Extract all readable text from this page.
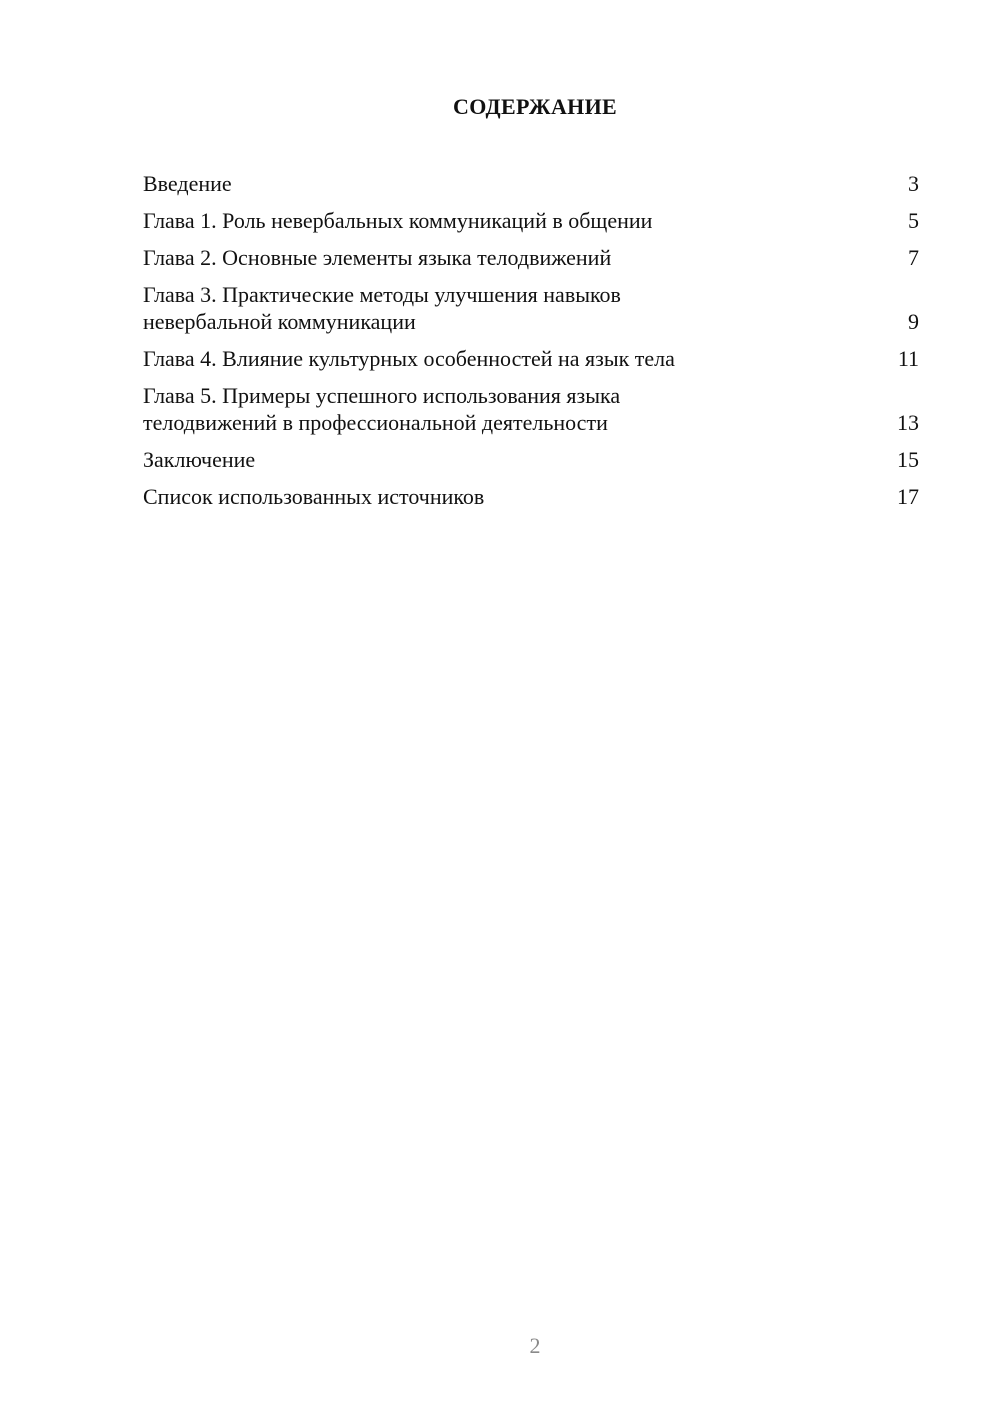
СОДЕРЖАНИЕ
Введение	3
Глава 1. Роль невербальных коммуникаций в общении	5
Глава 2. Основные элементы языка телодвижений	7
Глава 3. Практические методы улучшения навыков
невербальной коммуникации	9
Глава 4. Влияние культурных особенностей на язык тела	11
Глава 5. Примеры успешного использования языка
телодвижений в профессиональной деятельности	13
Заключение	15
Список использованных источников	17
2
